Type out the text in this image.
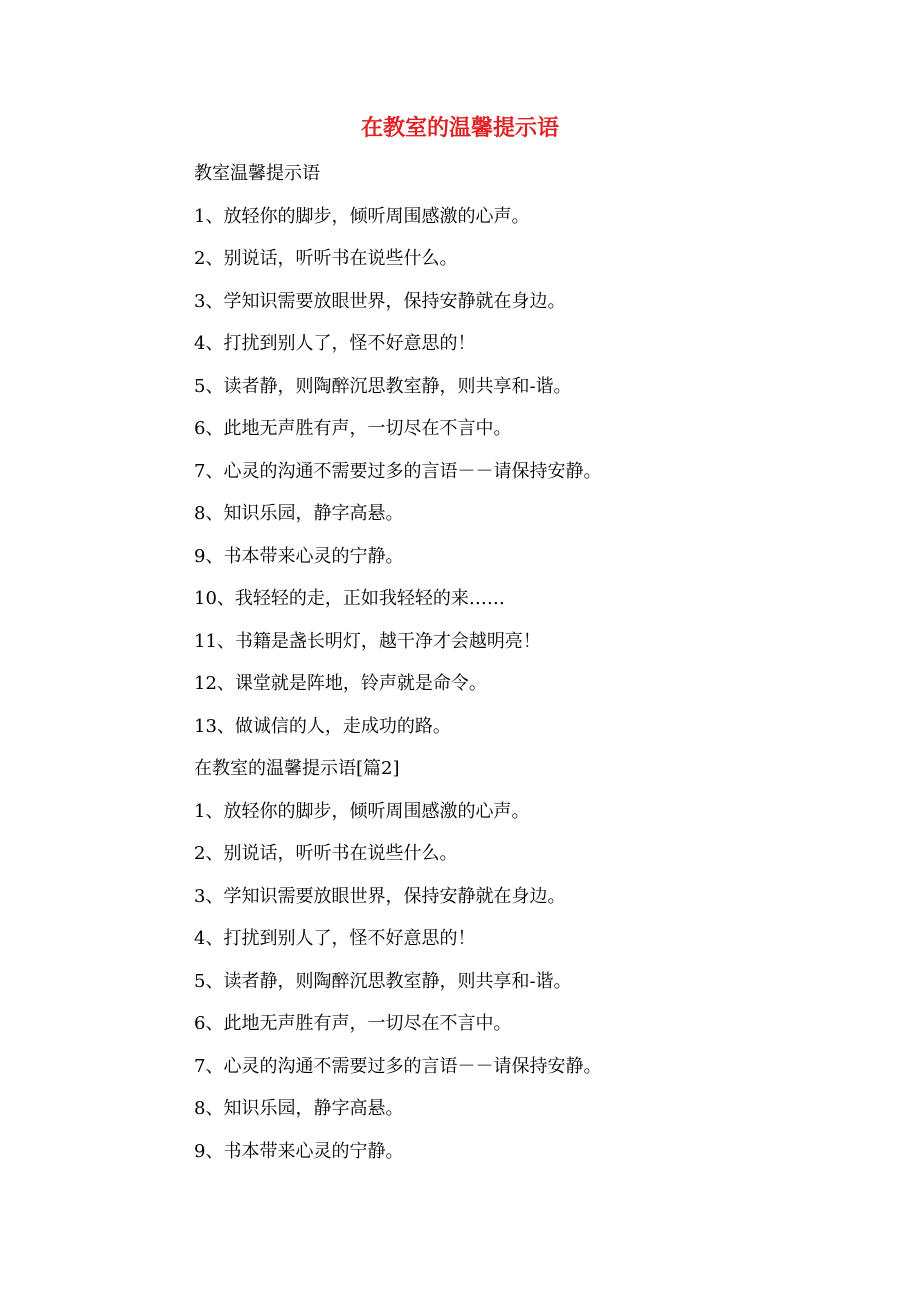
在教室的温馨提示语

教室温馨提示语

1、放轻你的脚步，倾听周围感激的心声。

2、别说话，听听书在说些什么。

3、学知识需要放眼世界，保持安静就在身边。

4、打扰到别人了，怪不好意思的！

5、读者静，则陶醉沉思教室静，则共享和-谐。

6、此地无声胜有声，一切尽在不言中。

7、心灵的沟通不需要过多的言语－－请保持安静。

8、知识乐园，静字高悬。

9、书本带来心灵的宁静。

10、我轻轻的走，正如我轻轻的来……

11、书籍是盏长明灯，越干净才会越明亮！

12、课堂就是阵地，铃声就是命令。

13、做诚信的人，走成功的路。

在教室的温馨提示语[篇2]

1、放轻你的脚步，倾听周围感激的心声。

2、别说话，听听书在说些什么。

3、学知识需要放眼世界，保持安静就在身边。

4、打扰到别人了，怪不好意思的！

5、读者静，则陶醉沉思教室静，则共享和-谐。

6、此地无声胜有声，一切尽在不言中。

7、心灵的沟通不需要过多的言语－－请保持安静。

8、知识乐园，静字高悬。

9、书本带来心灵的宁静。
